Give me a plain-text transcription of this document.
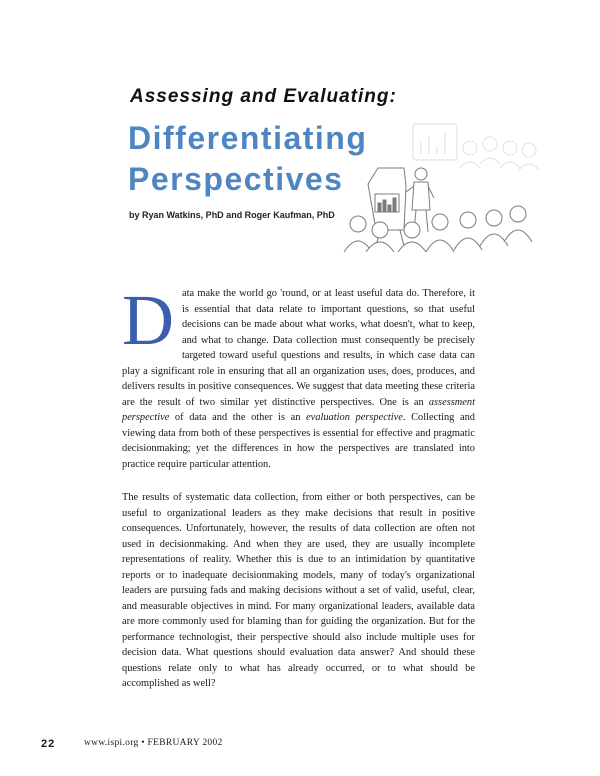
Assessing and Evaluating:

Differentiating
Perspectives

by Ryan Watkins, PhD and Roger Kaufman, PhD

Data make the world go 'round, or at least useful data do. Therefore, it is essential that data relate to important questions, so that useful decisions can be made about what works, what doesn't, what to keep, and what to change. Data collection must consequently be precisely targeted toward useful questions and results, in which case data can play a significant role in ensuring that all an organization uses, does, produces, and delivers results in positive consequences. We suggest that data meeting these criteria are the result of two similar yet distinctive perspectives. One is an assessment perspective of data and the other is an evaluation perspective. Collecting and viewing data from both of these perspectives is essential for effective and pragmatic decisionmaking; yet the differences in how the perspectives are translated into practice require particular attention.

The results of systematic data collection, from either or both perspectives, can be useful to organizational leaders as they make decisions that result in positive consequences. Unfortunately, however, the results of data collection are often not used in decisionmaking. And when they are used, they are usually incomplete representations of reality. Whether this is due to an intimidation by quantitative reports or to inadequate decisionmaking models, many of today's organizational leaders are pursuing fads and making decisions without a set of valid, useful, clear, and measurable objectives in mind. For many organizational leaders, available data are more commonly used for blaming than for guiding the organization. But for the performance technologist, their perspective should also include multiple uses for decision data. What questions should evaluation data answer? And should these questions relate only to what has already occurred, or to what should be accomplished as well?

22	www.ispi.org • FEBRUARY 2002
